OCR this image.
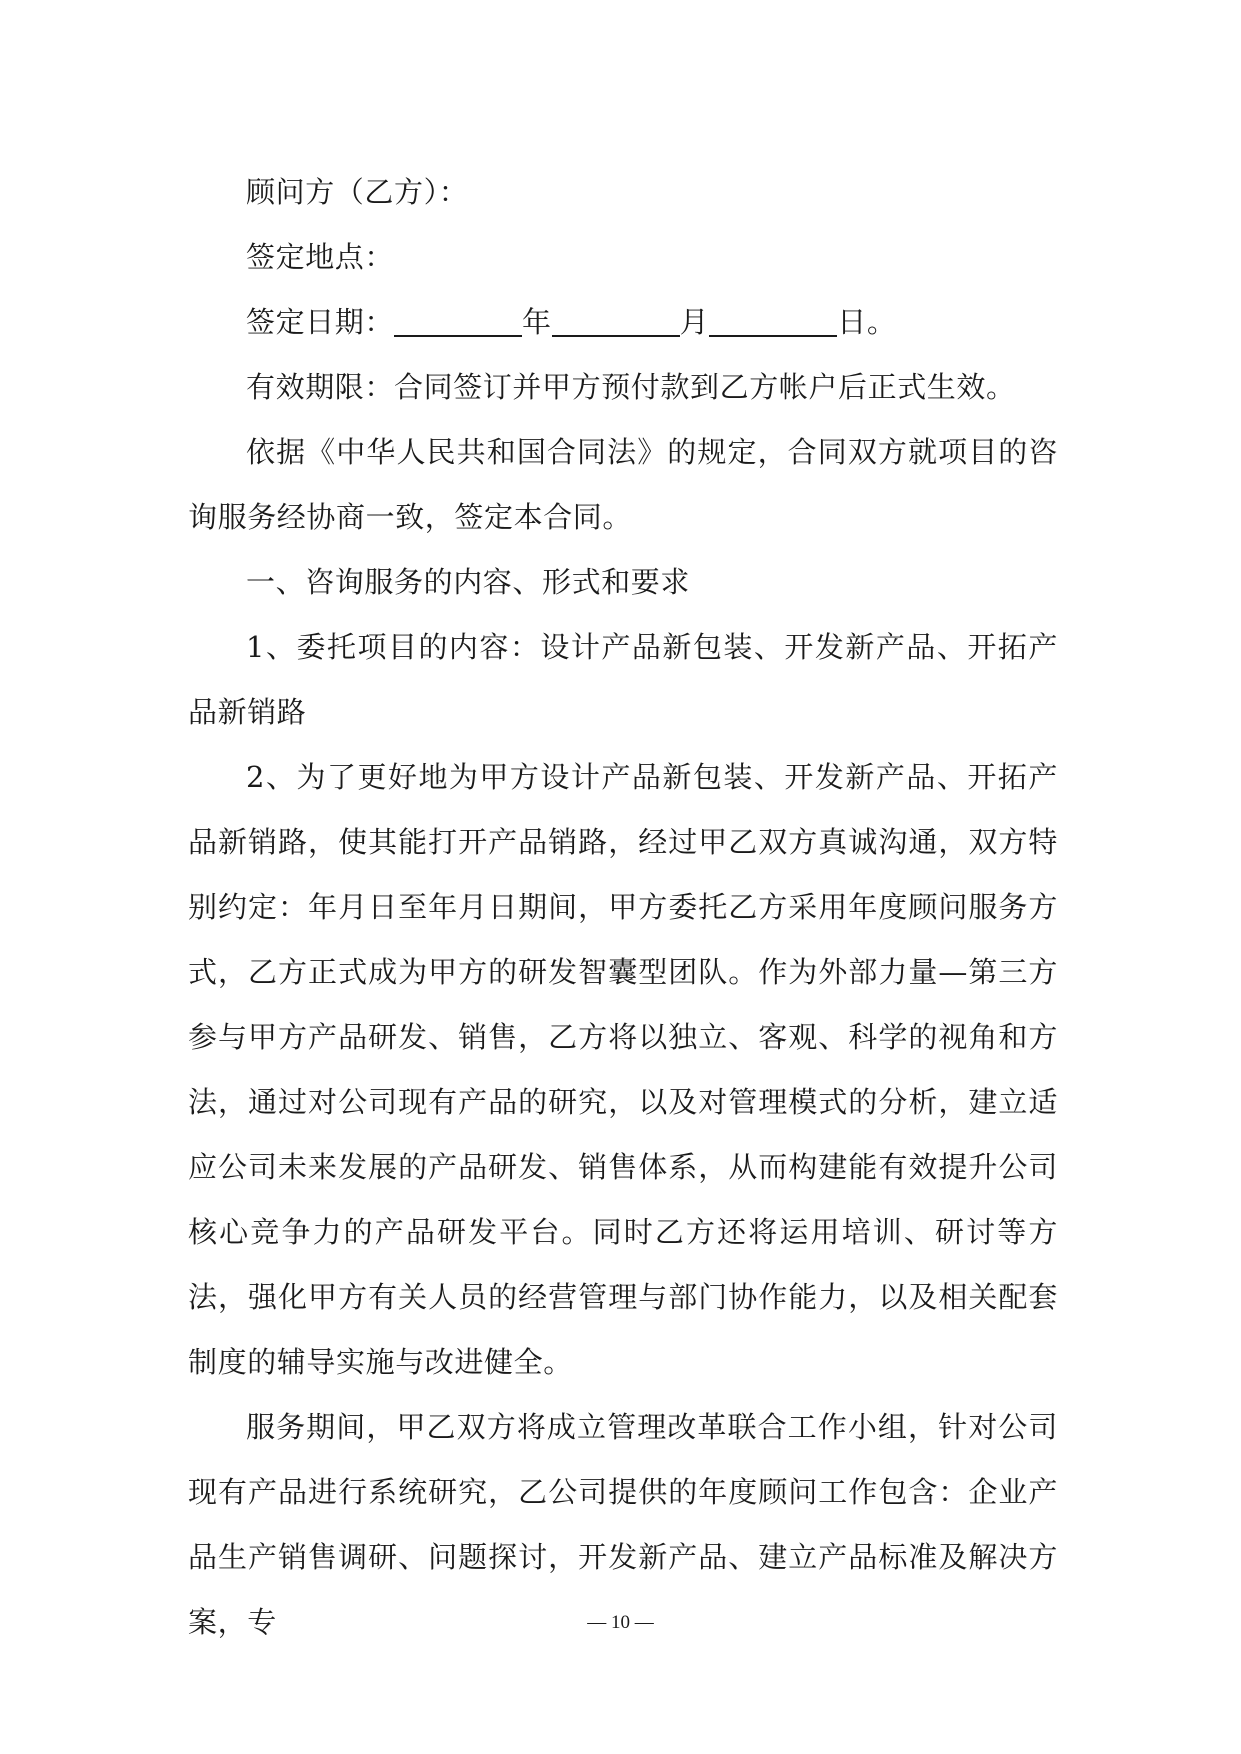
顾问方（乙方）：

签定地点：

签定日期：	年	月	日。

有效期限：合同签订并甲方预付款到乙方帐户后正式生效。

依据《中华人民共和国合同法》的规定，合同双方就项目的咨询服务经协商一致，签定本合同。

一、咨询服务的内容、形式和要求

1、委托项目的内容：设计产品新包装、开发新产品、开拓产品新销路

2、为了更好地为甲方设计产品新包装、开发新产品、开拓产品新销路，使其能打开产品销路，经过甲乙双方真诚沟通，双方特别约定：年月日至年月日期间，甲方委托乙方采用年度顾问服务方式，乙方正式成为甲方的研发智囊型团队。作为外部力量—第三方参与甲方产品研发、销售，乙方将以独立、客观、科学的视角和方法，通过对公司现有产品的研究，以及对管理模式的分析，建立适应公司未来发展的产品研发、销售体系，从而构建能有效提升公司核心竞争力的产品研发平台。同时乙方还将运用培训、研讨等方法，强化甲方有关人员的经营管理与部门协作能力，以及相关配套制度的辅导实施与改进健全。

服务期间，甲乙双方将成立管理改革联合工作小组，针对公司现有产品进行系统研究，乙公司提供的年度顾问工作包含：企业产品生产销售调研、问题探讨，开发新产品、建立产品标准及解决方案，专	— 10 —
